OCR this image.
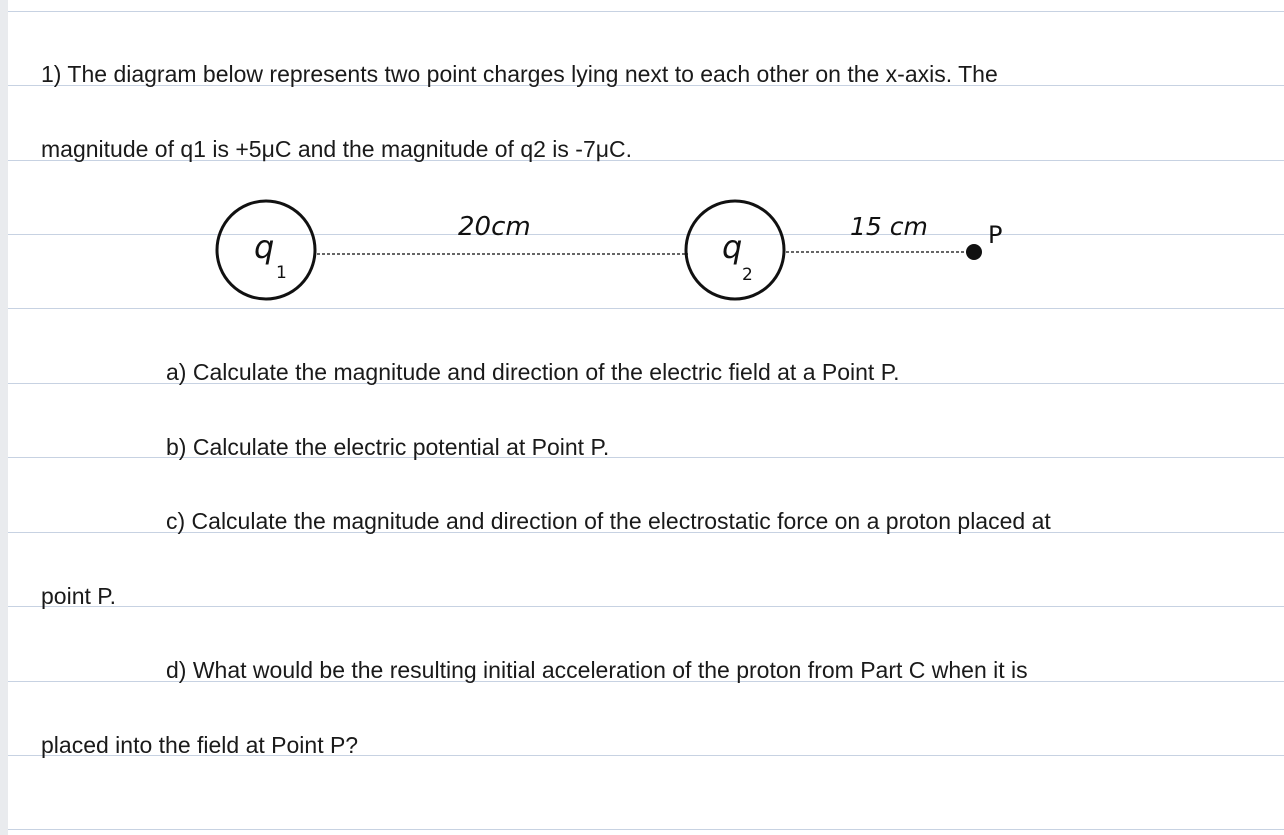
1) The diagram below represents two point charges lying next to each other on the x-axis. The
magnitude of q1 is +5μC and the magnitude of q2 is -7μC.
q
1
20cm
q
2
15 cm	P
a) Calculate the magnitude and direction of the electric field at a Point P.
b) Calculate the electric potential at Point P.
c) Calculate the magnitude and direction of the electrostatic force on a proton placed at
point P.
d) What would be the resulting initial acceleration of the proton from Part C when it is
placed into the field at Point P?
